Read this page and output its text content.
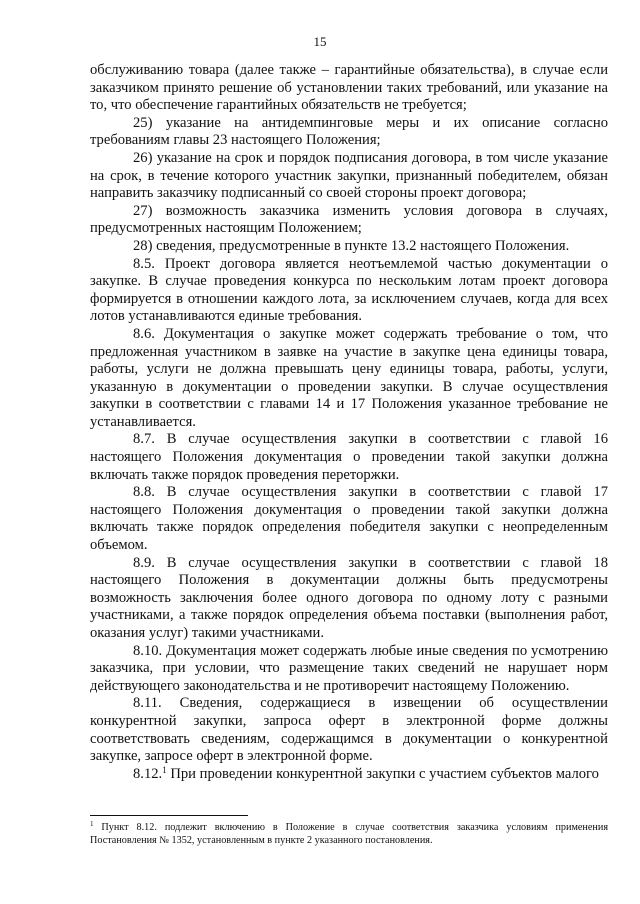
15

обслуживанию товара (далее также – гарантийные обязательства), в случае если заказчиком принято решение об установлении таких требований, или указание на то, что обеспечение гарантийных обязательств не требуется;

25) указание на антидемпинговые меры и их описание согласно требованиям главы 23 настоящего Положения;

26) указание на срок и порядок подписания договора, в том числе указание на срок, в течение которого участник закупки, признанный победителем, обязан направить заказчику подписанный со своей стороны проект договора;

27) возможность заказчика изменить условия договора в случаях, предусмотренных настоящим Положением;

28) сведения, предусмотренные в пункте 13.2 настоящего Положения.

8.5. Проект договора является неотъемлемой частью документации о закупке. В случае проведения конкурса по нескольким лотам проект договора формируется в отношении каждого лота, за исключением случаев, когда для всех лотов устанавливаются единые требования.

8.6. Документация о закупке может содержать требование о том, что предложенная участником в заявке на участие в закупке цена единицы товара, работы, услуги не должна превышать цену единицы товара, работы, услуги, указанную в документации о проведении закупки. В случае осуществления закупки в соответствии с главами 14 и 17 Положения указанное требование не устанавливается.

8.7. В случае осуществления закупки в соответствии с главой 16 настоящего Положения документация о проведении такой закупки должна включать также порядок проведения переторжки.

8.8. В случае осуществления закупки в соответствии с главой 17 настоящего Положения документация о проведении такой закупки должна включать также порядок определения победителя закупки с неопределенным объемом.

8.9. В случае осуществления закупки в соответствии с главой 18 настоящего Положения в документации должны быть предусмотрены возможность заключения более одного договора по одному лоту с разными участниками, а также порядок определения объема поставки (выполнения работ, оказания услуг) такими участниками.

8.10. Документация может содержать любые иные сведения по усмотрению заказчика, при условии, что размещение таких сведений не нарушает норм действующего законодательства и не противоречит настоящему Положению.

8.11. Сведения, содержащиеся в извещении об осуществлении конкурентной закупки, запроса оферт в электронной форме должны соответствовать сведениям, содержащимся в документации о конкурентной закупке, запросе оферт в электронной форме.

8.12.$^1$ При проведении конкурентной закупки с участием субъектов малого

$^1$ Пункт 8.12. подлежит включению в Положение в случае соответствия заказчика условиям применения Постановления № 1352, установленным в пункте 2 указанного постановления.
